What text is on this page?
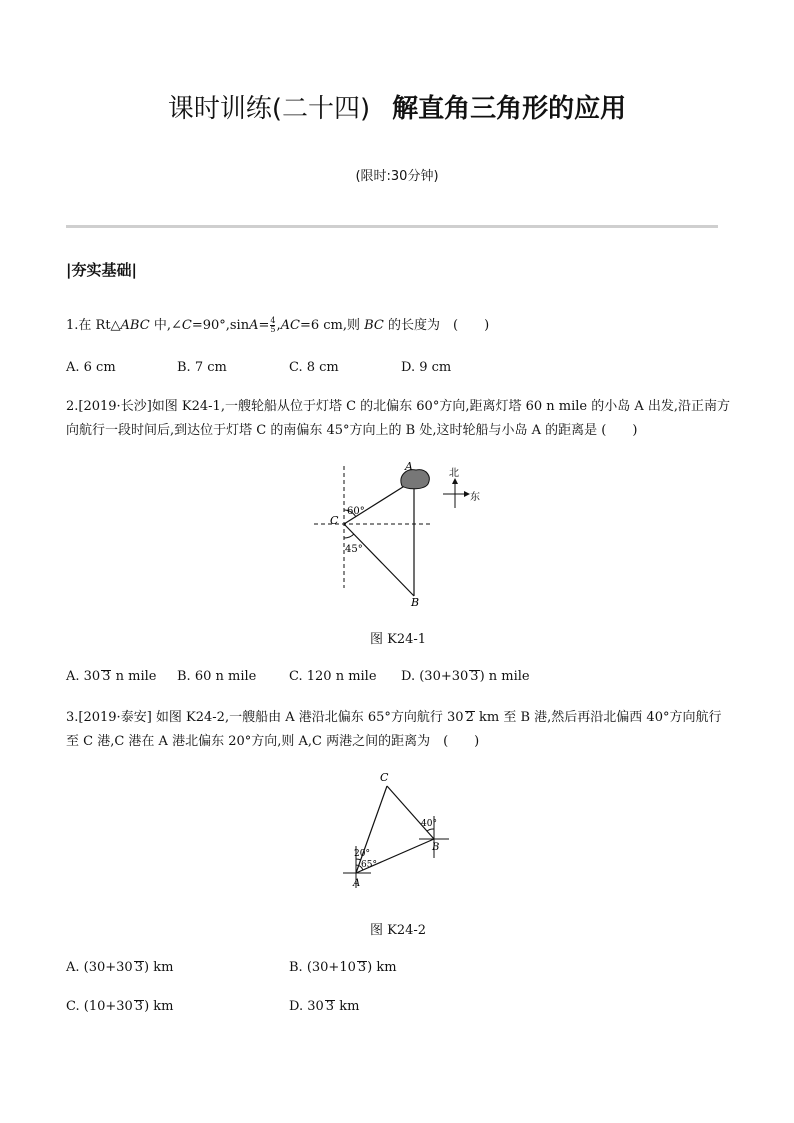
课时训练(二十四) 解直角三角形的应用
(限时:30分钟)
|夯实基础|
1.在 Rt△ABC 中,∠C=90°,sinA= $\frac{4}{5} ,AC=6$ cm,则 BC 的长度为　(　　)
A. 6 cm	B. 7 cm	C. 8 cm	D. 9 cm
2.[2019·长沙]如图 K24-1,一艘轮船从位于灯塔 C 的北偏东 60°方向,距离灯塔 60 n mile 的小岛 A 出发,沿正南方
向航行一段时间后,到达位于灯塔 C 的南偏东 45°方向上的 B 处,这时轮船与小岛 A 的距离是 (　　)
A
C
B
60°
45°
北
东
图 K24-1
A. 30 3 n mile B. 60 n mile	C. 120 n mile D. (30+30 3) n mile
3.[2019·泰安] 如图 K24-2,一艘船由 A 港沿北偏东 65°方向航行 30 2 km 至 B 港,然后再沿北偏西 40°方向航行
至 C 港,C 港在 A 港北偏东 20°方向,则 A,C 两港之间的距离为　(　　)
C
A
B
20°
65°
40°
图 K24-2
A. (30+30 3) km	B. (30+10 3) km
C. (10+30 3) km	D. 30 3 km
